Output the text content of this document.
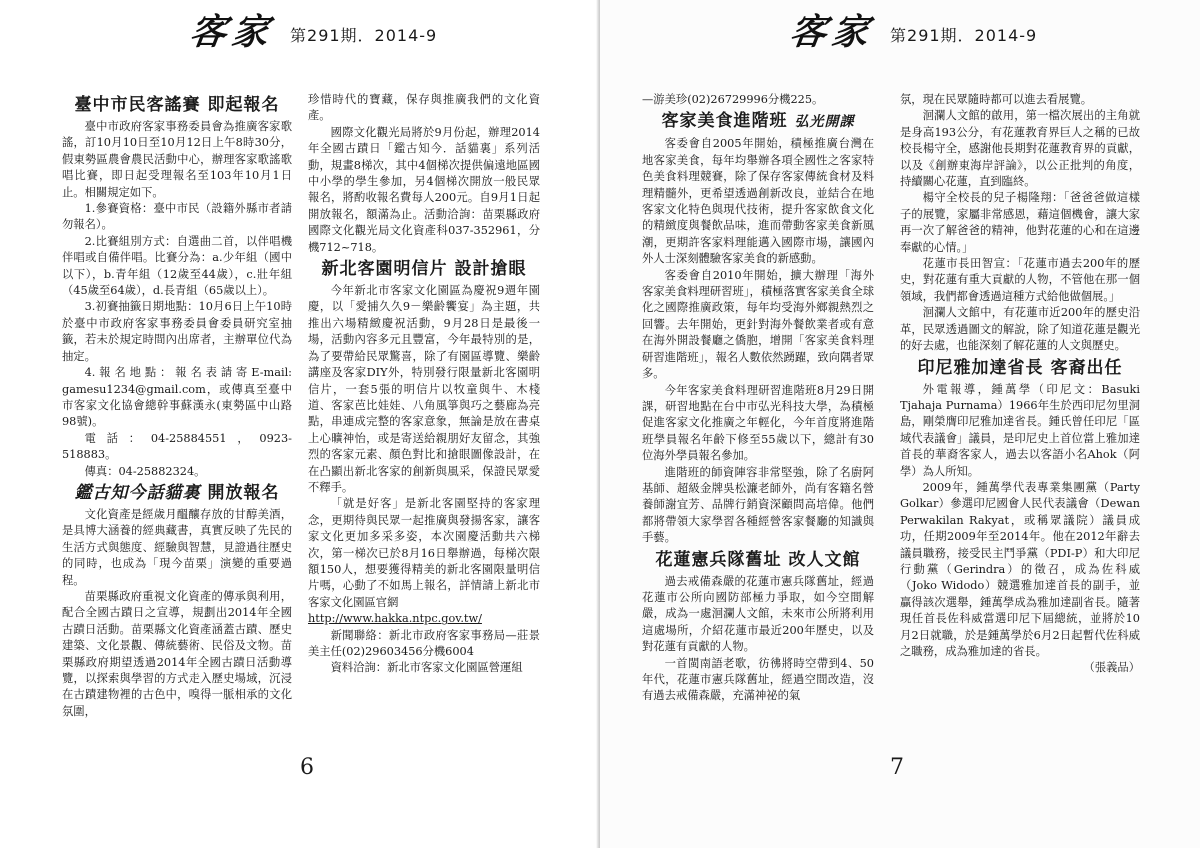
客家 第291期．2014-9
臺中市民客謠賽 即起報名

臺中市政府客家事務委員會為推廣客家歌謠，訂10月10日至10月12日上午8時30分，假東勢區農會農民活動中心，辦理客家歌謠歌唱比賽，即日起受理報名至103年10月1日止。相關規定如下。

1.參賽資格：臺中市民（設籍外縣市者請勿報名）。

2.比賽組別方式：自選曲二首，以伴唱機伴唱或自備伴唱。比賽分為：a.少年組（國中以下），b.青年組（12歲至44歲），c.壯年組（45歲至64歲），d.長青組（65歲以上）。

3.初賽抽籤日期地點：10月6日上午10時於臺中市政府客家事務委員會委員研究室抽籤，若未於規定時間內出席者，主辦單位代為抽定。

4.報名地點：報名表請寄E-mail: gamesu1234@gmail.com，或傳真至臺中市客家文化協會總幹事蘇漢永(東勢區中山路98號)。

電話：04-25884551，0923-518883。

傳真：04-25882324。

鑑古知今話貓裏 開放報名

文化資產是經歲月醞釀存放的甘醇美酒，是具博大涵養的經典藏書，真實反映了先民的生活方式與態度、經驗與智慧，見證過往歷史的同時，也成為「現今苗栗」演變的重要過程。

苗栗縣政府重視文化資產的傳承與利用，配合全國古蹟日之宣導，規劃出2014年全國古蹟日活動。苗栗縣文化資產涵蓋古蹟、歷史建築、文化景觀、傳統藝術、民俗及文物。苗栗縣政府期望透過2014年全國古蹟日活動導覽，以探索與學習的方式走入歷史場域，沉浸在古蹟建物裡的古色中，嗅得一脈相承的文化氛圍，

珍惜時代的寶藏，保存與推廣我們的文化資產。

國際文化觀光局將於9月份起，辦理2014年全國古蹟日「鑑古知今．話貓裏」系列活動，規畫8梯次，其中4個梯次提供偏遠地區國中小學的學生參加，另4個梯次開放一般民眾報名，將酌收報名費每人200元。自9月1日起開放報名，額滿為止。活動洽詢：苗栗縣政府國際文化觀光局文化資產科037-352961，分機712~718。

新北客園明信片 設計搶眼

今年新北市客家文化園區為慶祝9週年園慶，以「愛捕久久9－樂齡饗宴」為主題，共推出六場精緻慶祝活動，9月28日是最後一場，活動內容多元且豐富，今年最特別的是，為了要帶給民眾驚喜，除了有園區導覽、樂齡講座及客家DIY外，特別發行限量新北客園明信片，一套5張的明信片以牧童與牛、木棧道、客家芭比娃娃、八角風箏與巧之藝廊為亮點，串連成完整的客家意象，無論是放在書桌上心曠神怡，或是寄送給親朋好友留念，其強烈的客家元素、顏色對比和搶眼圖像設計，在在凸顯出新北客家的創新與風采，保證民眾愛不釋手。

「就是好客」是新北客園堅持的客家理念，更期待與民眾一起推廣與發揚客家，讓客家文化更加多采多姿，本次園慶活動共六梯次，第一梯次已於8月16日舉辦過，每梯次限額150人，想要獲得精美的新北客園限量明信片嗎，心動了不如馬上報名，詳情請上新北市客家文化園區官網

http://www.hakka.ntpc.gov.tw/

新聞聯絡：新北市政府客家事務局—莊景美主任(02)29603456分機6004

資料洽詢：新北市客家文化園區營運組

6
客家 第291期．2014-9

—游美珍(02)26729996分機225。

客家美食進階班 弘光開課

客委會自2005年開始，積極推廣台灣在地客家美食，每年均舉辦各項全國性之客家特色美食料理競賽，除了保存客家傳統食材及料理精髓外，更希望透過創新改良，並結合在地客家文化特色與現代技術，提升客家飲食文化的精緻度與餐飲品味，進而帶動客家美食新風潮，更期許客家料理能邁入國際市場，讓國內外人士深刻體驗客家美食的新感動。

客委會自2010年開始，擴大辦理「海外客家美食料理研習班」，積極落實客家美食全球化之國際推廣政策，每年均受海外鄉親熱烈之回響。去年開始，更針對海外餐飲業者或有意在海外開設餐廳之僑胞，增開「客家美食料理研習進階班」，報名人數依然踴躍，致向隅者眾多。

今年客家美食料理研習進階班8月29日開課，研習地點在台中市弘光科技大學，為積極促進客家文化推廣之年輕化，今年首度將進階班學員報名年齡下修至55歲以下，總計有30位海外學員報名參加。

進階班的師資陣容非常堅強，除了名廚阿基師、超級金牌吳松濂老師外，尚有客籍名營養師謝宜芳、品牌行銷資深顧問高培偉。他們都將帶領大家學習各種經營客家餐廳的知識與手藝。

花蓮憲兵隊舊址 改人文館

過去戒備森嚴的花蓮市憲兵隊舊址，經過花蓮市公所向國防部極力爭取，如今空間解嚴，成為一處洄瀾人文館，未來市公所將利用這處場所，介紹花蓮市最近200年歷史，以及對花蓮有貢獻的人物。

一首閩南語老歌，彷彿將時空帶到4、50年代，花蓮市憲兵隊舊址，經過空間改造，沒有過去戒備森嚴，充滿神祕的氣

氛，現在民眾隨時都可以進去看展覽。

洄瀾人文館的啟用，第一檔次展出的主角就是身高193公分，有花蓮教育界巨人之稱的已故校長楊守全，感謝他長期對花蓮教育界的貢獻，以及《創辦東海岸評論》，以公正批判的角度，持續關心花蓮，直到臨終。

楊守全校長的兒子楊隆翔：「爸爸爸做這樣子的展覽，家屬非常感恩，藉這個機會，讓大家再一次了解爸爸的精神，他對花蓮的心和在這邊奉獻的心情。」

花蓮市長田智宣：「花蓮市過去200年的歷史，對花蓮有重大貢獻的人物，不管他在那一個領域，我們都會透過這種方式給他做個展。」

洄瀾人文館中，有花蓮市近200年的歷史沿革，民眾透過圖文的解說，除了知道花蓮是觀光的好去處，也能深刻了解花蓮的人文與歷史。

印尼雅加達省長 客裔出任

外電報導，鍾萬學（印尼文：Basuki Tjahaja Purnama）1966年生於西印尼勿里洞島，剛榮膺印尼雅加達省長。鍾氏曾任印尼「區域代表議會」議員，是印尼史上首位當上雅加達首長的華裔客家人，過去以客語小名Ahok（阿學）為人所知。

2009年，鍾萬學代表專業集團黨（Party Golkar）參選印尼國會人民代表議會（Dewan Perwakilan Rakyat，或稱眾議院）議員成功，任期2009年至2014年。他在2012年辭去議員職務，接受民主鬥爭黨（PDI-P）和大印尼行動黨（Gerindra）的徵召，成為佐科威（Joko Widodo）競選雅加達首長的副手，並贏得該次選舉，鍾萬學成為雅加達副省長。隨著現任首長佐科威當選印尼下屆總統，並將於10月2日就職，於是鍾萬學於6月2日起暫代佐科威之職務，成為雅加達的省長。

（張義品）

7
